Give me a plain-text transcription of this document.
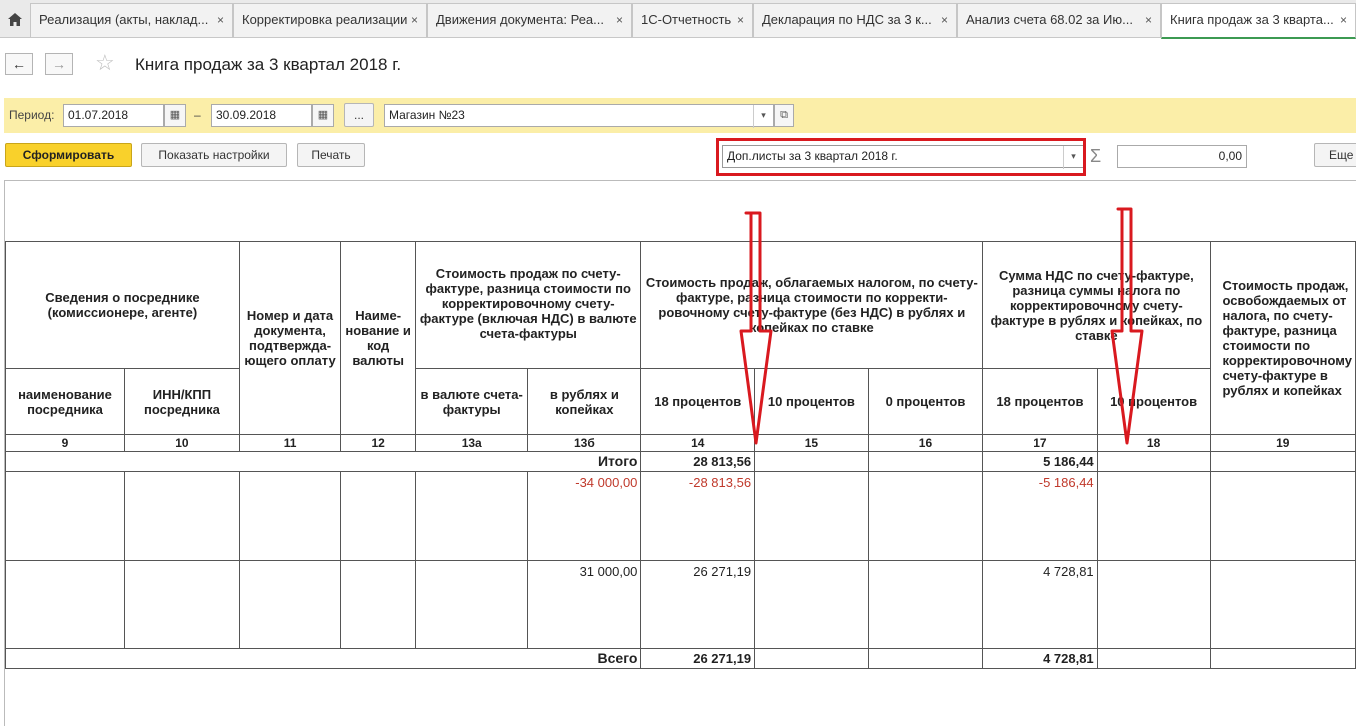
Реализация (акты, наклад... ×	Корректировка реализации ×	Движения документа: Реа... ×	1С-Отчетность ×	Декларация по НДС за 3 к... ×	Анализ счета 68.02 за Ию... ×	Книга продаж за 3 кварта... ×
←	→	☆ Книга продаж за 3 квартал 2018 г.
Период:	01.07.2018	▦	–	30.09.2018	▦	...	Магазин №23	▾	⧉
Сформировать	Показать настройки	Печать	Доп.листы за 3 квартал 2018 г.	▾ Σ	0,00	Еще
Сведения о посреднике (комиссионере, агенте)		Номер и дата документа, подтвержда-ющего оплату	Наиме-нование и код валюты	Стоимость продаж по счету-фактуре, разница стоимости по корректировочному счету-фактуре (включая НДС) в валюте счета-фактуры		Стоимость продаж, облагаемых налогом, по счету-фактуре, разница стоимости по корректи-ровочному счету-фактуре (без НДС) в рублях и копейках по ставке			Сумма НДС по счету-фактуре, разница суммы налога по корректировочному счету-фактуре в рублях и копейках, по ставке		Стоимость продаж, освобождаемых от налога, по счету-фактуре, разница стоимости по корректировочному счету-фактуре в рублях и копейках
наименование посредника	ИНН/КПП посредника			в валюте счета-фактуры	в рублях и копейках	18 процентов	10 процентов	0 процентов	18 процентов	10 процентов	
9	10	11	12	13а	13б	14	15	16	17	18	19
Итого						28 813,56			5 186,44		
					-34 000,00	-28 813,56			-5 186,44		
					31 000,00	26 271,19			4 728,81		
Всего						26 271,19			4 728,81		
